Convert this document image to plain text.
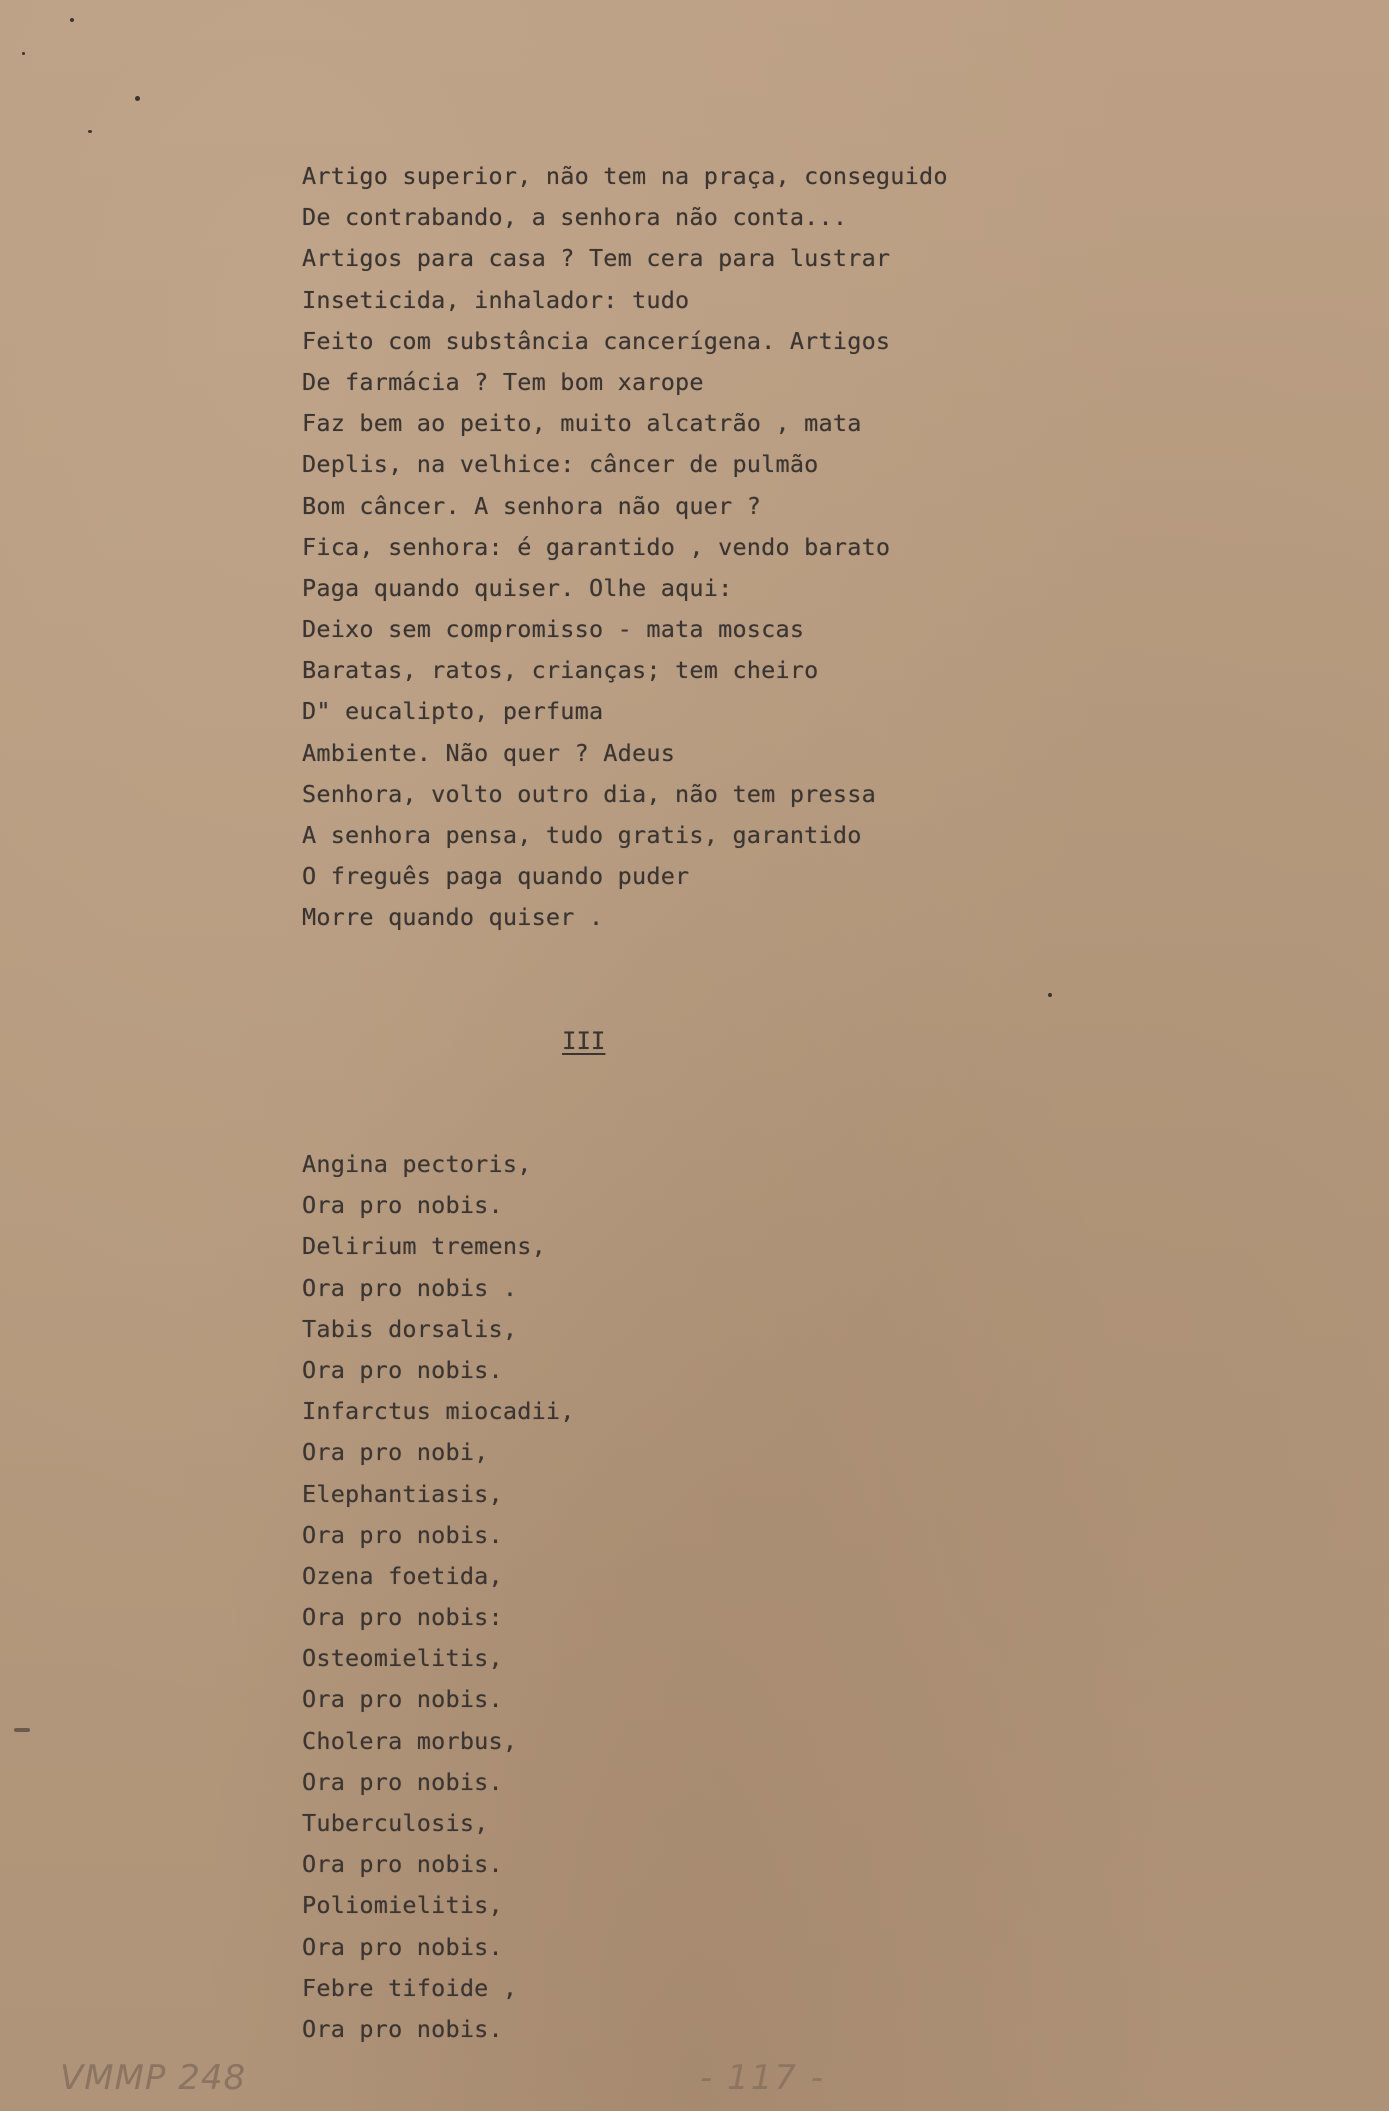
Artigo superior, não tem na praça, conseguido
De contrabando, a senhora não conta...
Artigos para casa ? Tem cera para lustrar
Inseticida, inhalador: tudo
Feito com substância cancerígena. Artigos
De farmácia ? Tem bom xarope
Faz bem ao peito, muito alcatrão , mata
Deplis, na velhice: câncer de pulmão
Bom câncer. A senhora não quer ?
Fica, senhora: é garantido , vendo barato
Paga quando quiser. Olhe aqui:
Deixo sem compromisso - mata moscas
Baratas, ratos, crianças; tem cheiro
D" eucalipto, perfuma
Ambiente. Não quer ? Adeus
Senhora, volto outro dia, não tem pressa
A senhora pensa, tudo gratis, garantido
O freguês paga quando puder
Morre quando quiser .
III
Angina pectoris,
Ora pro nobis.
Delirium tremens,
Ora pro nobis .
Tabis dorsalis,
Ora pro nobis.
Infarctus miocadii,
Ora pro nobi,
Elephantiasis,
Ora pro nobis.
Ozena foetida,
Ora pro nobis:
Osteomielitis,
Ora pro nobis.
Cholera morbus,
Ora pro nobis.
Tuberculosis,
Ora pro nobis.
Poliomielitis,
Ora pro nobis.
Febre tifoide ,
Ora pro nobis.
VMMP 248	- 117 -
